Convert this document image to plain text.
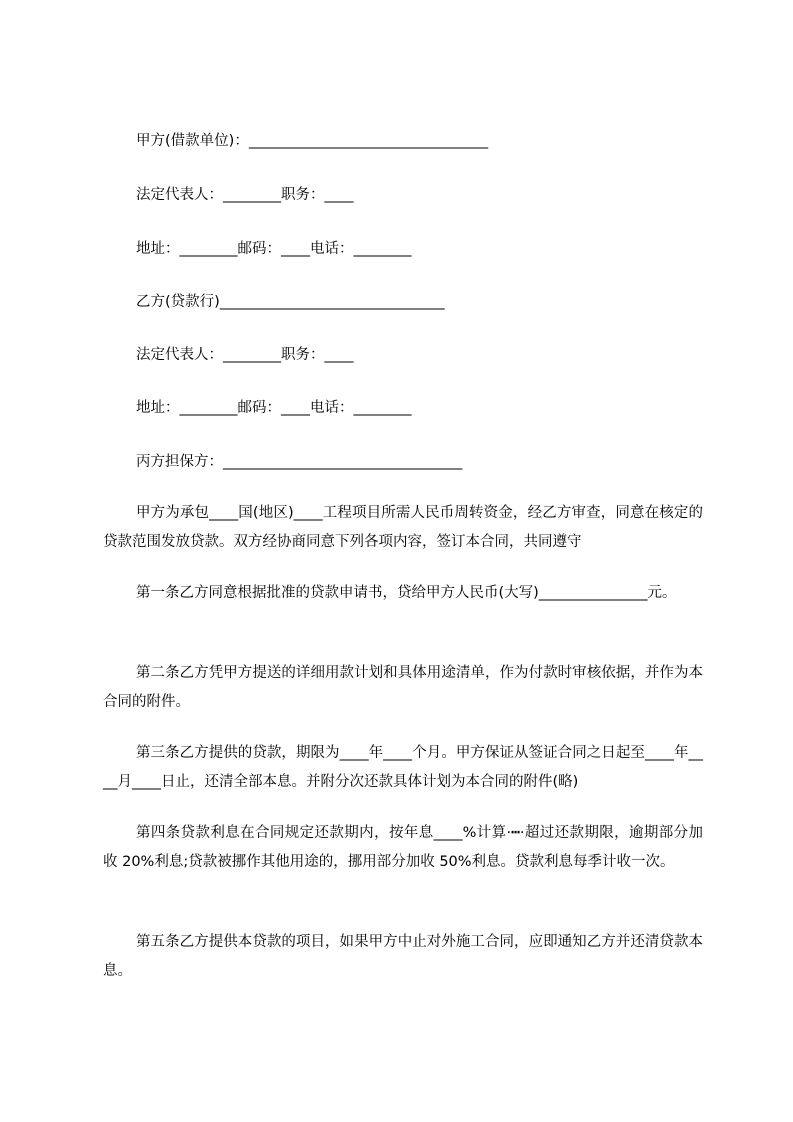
甲方(借款单位)：_________________________________

法定代表人：________职务：____

地址：________邮码：____电话：________

乙方(贷款行)_______________________________

法定代表人：________职务：____

地址：________邮码：____电话：________

丙方担保方：_________________________________

甲方为承包____国(地区)____工程项目所需人民币周转资金，经乙方审查，同意在核定的贷款范围发放贷款。双方经协商同意下列各项内容，签订本合同，共同遵守

第一条乙方同意根据批准的贷款申请书，贷给甲方人民币(大写)_______________元。

第二条乙方凭甲方提送的详细用款计划和具体用途清单，作为付款时审核依据，并作为本合同的附件。

第三条乙方提供的贷款，期限为____年____个月。甲方保证从签证合同之日起至____年____月____日止，还清全部本息。并附分次还款具体计划为本合同的附件(略)

第四条贷款利息在合同规定还款期内，按年息____%计算·┅·超过还款期限，逾期部分加收 20%利息;贷款被挪作其他用途的，挪用部分加收 50%利息。贷款利息每季计收一次。

第五条乙方提供本贷款的项目，如果甲方中止对外施工合同，应即通知乙方并还清贷款本息。
